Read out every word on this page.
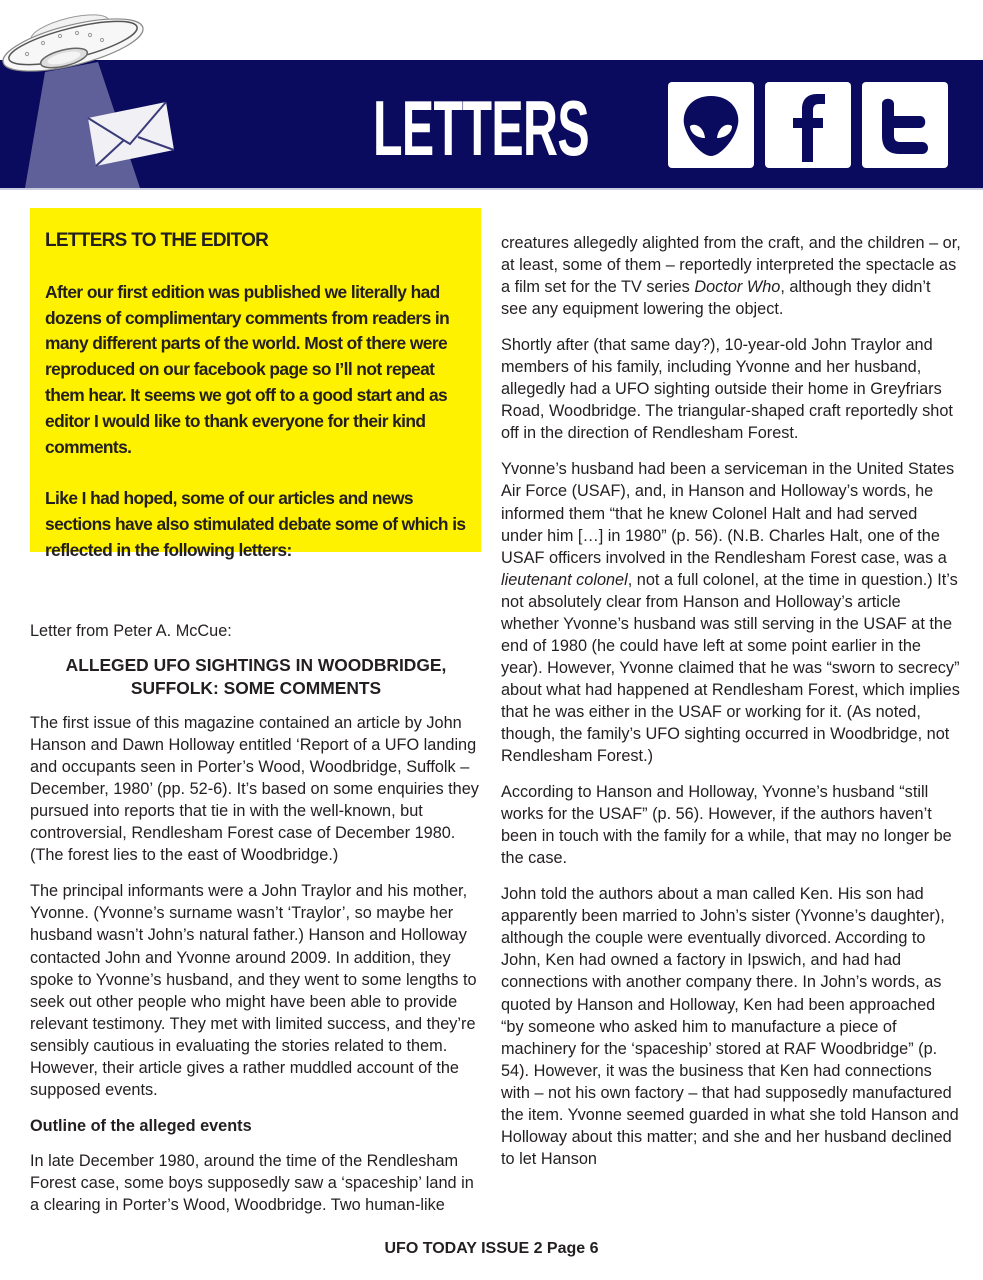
LETTERS
LETTERS TO THE EDITOR
After our first edition was published we literally had dozens of complimentary comments from readers in many different parts of the world. Most of there were reproduced on our facebook page so I’ll not repeat them hear. It seems we got off to a good start and as editor I would like to thank everyone for their kind comments.
Like I had hoped, some of our articles and news sections have also stimulated debate some of which is reflected in the following letters:

Letter from Peter A. McCue:

ALLEGED UFO SIGHTINGS IN WOODBRIDGE,
SUFFOLK: SOME COMMENTS

The first issue of this magazine contained an article by John Hanson and Dawn Holloway entitled ‘Report of a UFO landing and occupants seen in Porter’s Wood, Woodbridge, Suffolk – December, 1980’ (pp. 52-6). It’s based on some enquiries they pursued into reports that tie in with the well-known, but controversial, Rendlesham Forest case of December 1980. (The forest lies to the east of Woodbridge.)

The principal informants were a John Traylor and his mother, Yvonne. (Yvonne’s surname wasn’t ‘Traylor’, so maybe her husband wasn’t John’s natural father.) Hanson and Holloway contacted John and Yvonne around 2009. In addition, they spoke to Yvonne’s husband, and they went to some lengths to seek out other people who might have been able to provide relevant testimony. They met with limited success, and they’re sensibly cautious in evaluating the stories related to them. However, their article gives a rather muddled account of the supposed events.

Outline of the alleged events

In late December 1980, around the time of the Rendlesham Forest case, some boys supposedly saw a ‘spaceship’ land in a clearing in Porter’s Wood, Woodbridge. Two human-like

creatures allegedly alighted from the craft, and the children – or, at least, some of them – reportedly interpreted the spectacle as a film set for the TV series Doctor Who, although they didn’t see any equipment lowering the object.

Shortly after (that same day?), 10-year-old John Traylor and members of his family, including Yvonne and her husband, allegedly had a UFO sighting outside their home in Greyfriars Road, Woodbridge. The triangular-shaped craft reportedly shot off in the direction of Rendlesham Forest.

Yvonne’s husband had been a serviceman in the United States Air Force (USAF), and, in Hanson and Holloway’s words, he informed them “that he knew Colonel Halt and had served under him […] in 1980” (p. 56). (N.B. Charles Halt, one of the USAF officers involved in the Rendlesham Forest case, was a lieutenant colonel, not a full colonel, at the time in question.) It’s not absolutely clear from Hanson and Holloway’s article whether Yvonne’s husband was still serving in the USAF at the end of 1980 (he could have left at some point earlier in the year). However, Yvonne claimed that he was “sworn to secrecy” about what had happened at Rendlesham Forest, which implies that he was either in the USAF or working for it. (As noted, though, the family’s UFO sighting occurred in Woodbridge, not Rendlesham Forest.)

According to Hanson and Holloway, Yvonne’s husband “still works for the USAF” (p. 56). However, if the authors haven’t been in touch with the family for a while, that may no longer be the case.

John told the authors about a man called Ken. His son had apparently been married to John’s sister (Yvonne’s daughter), although the couple were eventually divorced. According to John, Ken had owned a factory in Ipswich, and had had connections with another company there. In John’s words, as quoted by Hanson and Holloway, Ken had been approached “by someone who asked him to manufacture a piece of machinery for the ‘spaceship’ stored at RAF Woodbridge” (p. 54). However, it was the business that Ken had connections with – not his own factory – that had supposedly manufactured the item. Yvonne seemed guarded in what she told Hanson and Holloway about this matter; and she and her husband declined to let Hanson

UFO TODAY ISSUE 2 Page 6
